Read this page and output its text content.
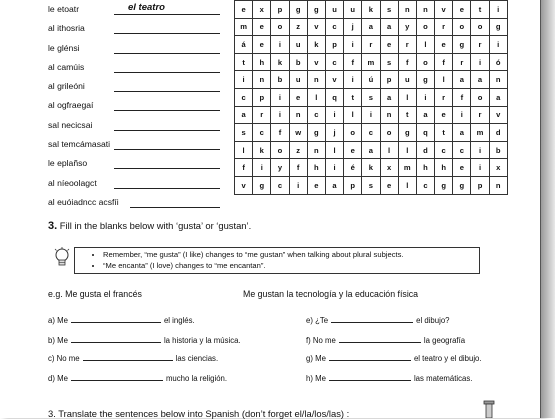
le etoatr	el teatro
al ithosria
le glénsi
al camúis
al grileóni
al ogfraegaí
sal necicsai
sal temcámasati
le eplañso
al níeoolagct
al euóiadncc acsfíi
e	x	p	g	g	u	u	k	s	n	n	v	e	t	i
m	e	o	z	v	c	j	a	a	y	o	r	o	o	g
á	e	i	u	k	p	i	r	e	r	l	e	g	r	i
t	h	k	b	v	c	f	m	s	f	o	f	r	i	ó
i	n	b	u	n	v	i	ú	p	u	g	l	a	a	n
c	p	i	e	l	q	t	s	a	l	i	r	f	o	a
a	r	i	n	c	i	l	i	n	t	a	e	i	r	v
s	c	f	w	g	j	o	c	o	g	q	t	a	m	d
l	k	o	z	n	l	e	a	l	l	d	c	c	i	b
f	i	y	f	h	i	é	k	x	m	h	h	e	i	x
v	g	c	i	e	a	p	s	e	l	c	g	g	p	n
3. Fill in the blanks below with ‘gusta’ or ‘gustan’.
• Remember, “me gusta” (I like) changes to “me gustan” when talking about plural subjects.
• “Me encanta” (I love) changes to “me encantan”.
e.g. Me gusta el francés	Me gustan la tecnología y la educación física
a) Me	el inglés.
b) Me	la historia y la música.
c) No me	las ciencias.
d) Me	mucho la religión.
e) ¿Te	el dibujo?
f) No me	la geografía
g) Me	el teatro y el dibujo.
h) Me	las matemáticas.
3. Translate the sentences below into Spanish (don’t forget el/la/los/las) :
